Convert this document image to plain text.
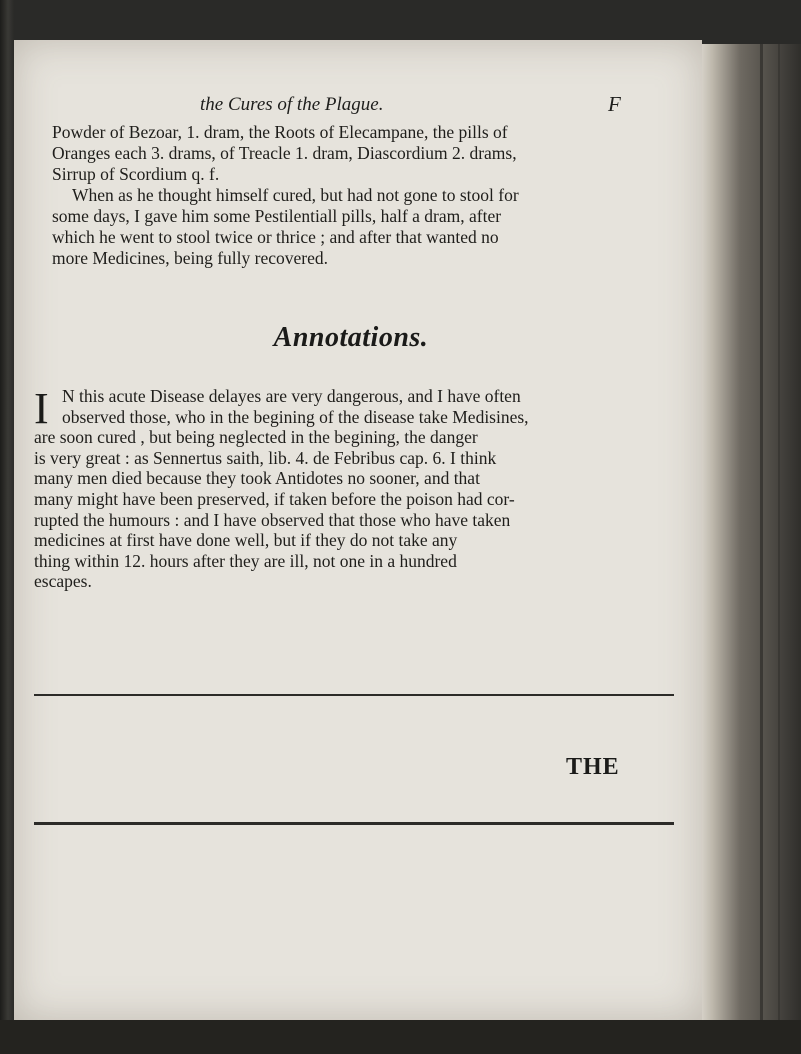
the Cures of the Plague.	F
Powder of Bezoar, 1. dram, the Roots of Elecampane, the pills of
Oranges each 3. drams, of Treacle 1. dram, Diascordium 2. drams,
Sirrup of Scordium q. f.
When as he thought himself cured, but had not gone to stool for
some days, I gave him some Pestilentiall pills, half a dram, after
which he went to stool twice or thrice ; and after that wanted no
more Medicines, being fully recovered.
Annotations.
I N this acute Disease delayes are very dangerous, and I have often
observed those, who in the begining of the disease take Medisines,
are soon cured , but being neglected in the begining, the danger
is very great : as Sennertus saith, lib. 4. de Febribus cap. 6. I think
many men died because they took Antidotes no sooner, and that
many might have been preserved, if taken before the poison had cor-
rupted the humours : and I have observed that those who have taken
medicines at first have done well, but if they do not take any
thing within 12. hours after they are ill, not one in a hundred
escapes.
THE
